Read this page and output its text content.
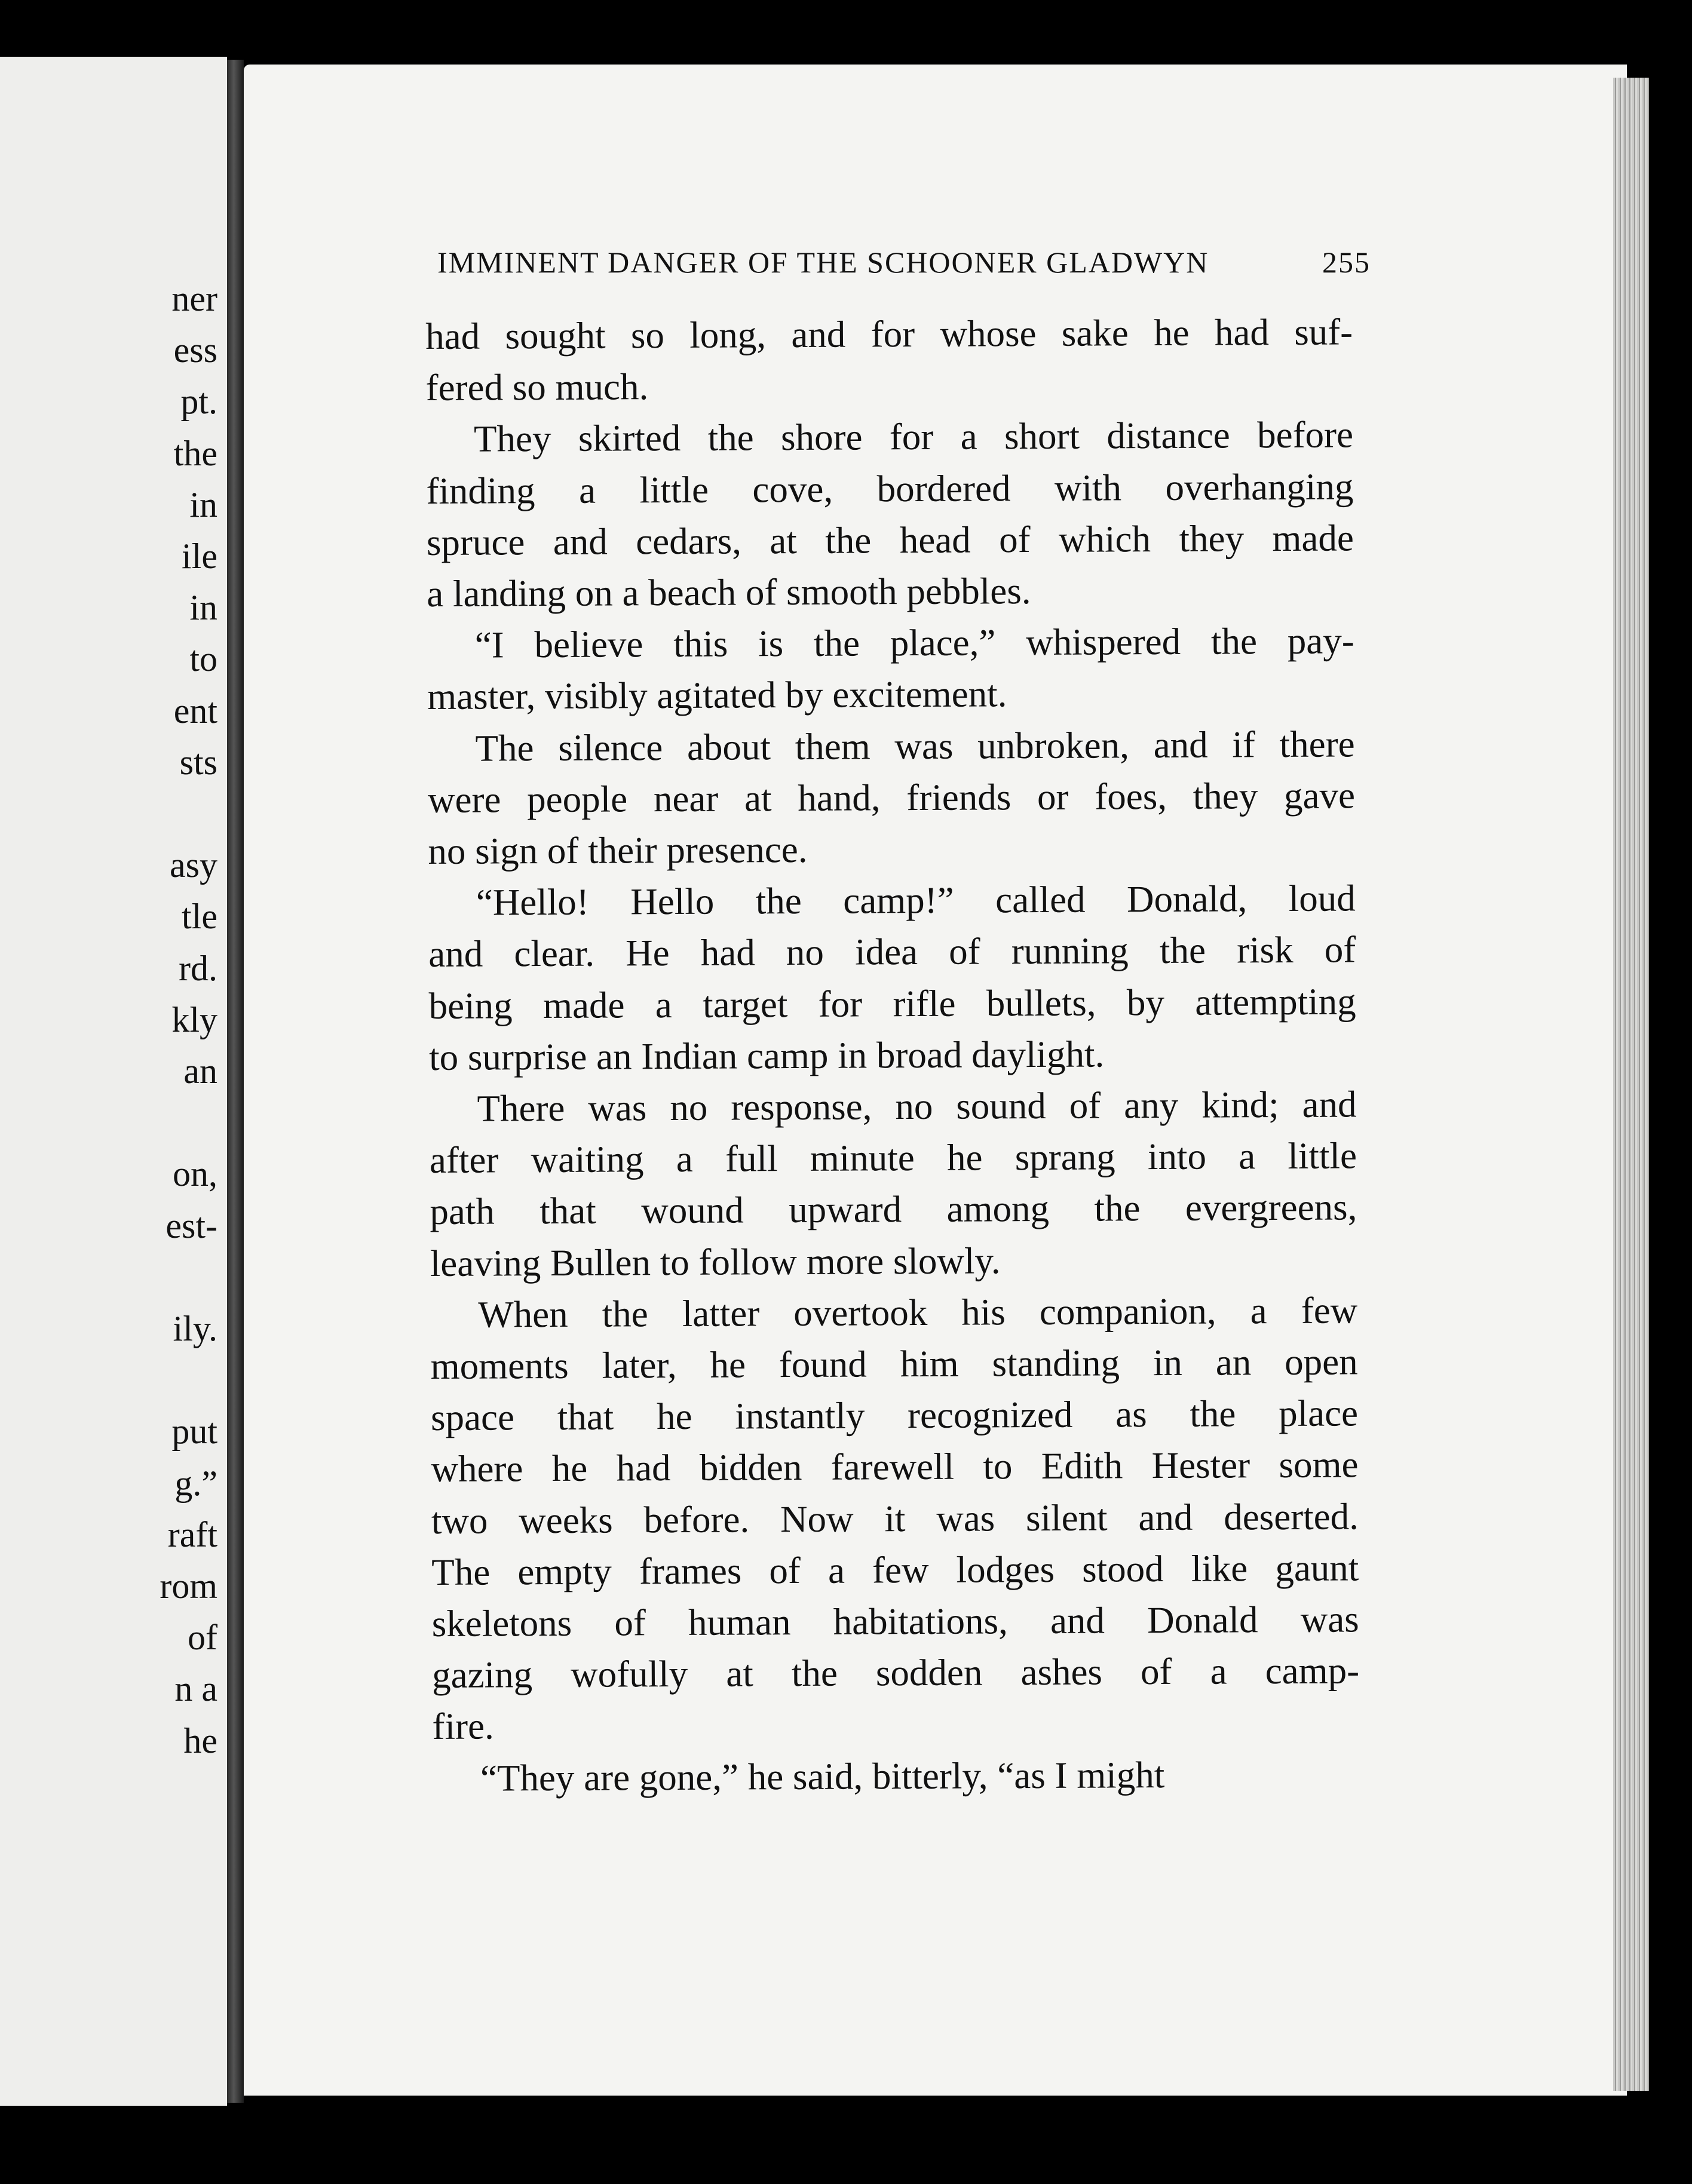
ner
ess
pt.
the
in
ile
in
to
ent
sts
asy
tle
rd.
kly
an
on,
est-
ily.
put
g.”
raft
rom
of
n a
he
IMMINENT DANGER OF THE SCHOONER GLADWYN	255

had sought so long, and for whose sake he had suf-
fered so much.

They skirted the shore for a short distance before
finding a little cove, bordered with overhanging
spruce and cedars, at the head of which they made
a landing on a beach of smooth pebbles.

“I believe this is the place,” whispered the pay-
master, visibly agitated by excitement.

The silence about them was unbroken, and if there
were people near at hand, friends or foes, they gave
no sign of their presence.

“Hello! Hello the camp!” called Donald, loud
and clear. He had no idea of running the risk of
being made a target for rifle bullets, by attempting
to surprise an Indian camp in broad daylight.

There was no response, no sound of any kind; and
after waiting a full minute he sprang into a little
path that wound upward among the evergreens,
leaving Bullen to follow more slowly.

When the latter overtook his companion, a few
moments later, he found him standing in an open
space that he instantly recognized as the place
where he had bidden farewell to Edith Hester some
two weeks before. Now it was silent and deserted.
The empty frames of a few lodges stood like gaunt
skeletons of human habitations, and Donald was
gazing wofully at the sodden ashes of a camp-
fire.

“They are gone,” he said, bitterly, “as I might
